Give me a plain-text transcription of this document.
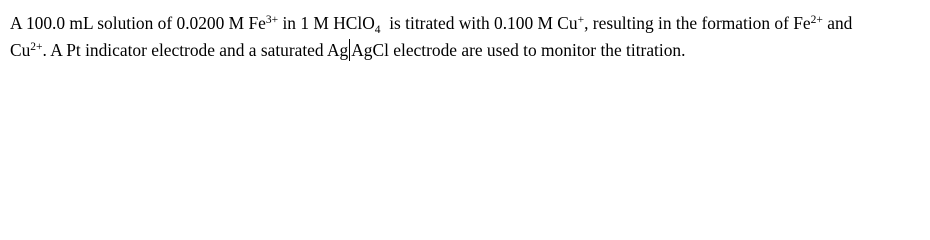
A 100.0 mL solution of 0.0200 M $Fe^{3+}$ in 1 M HClO$_4$  is titrated with 0.100 M Cu+, resulting in the formation of $Fe^{2+}$ and
$Cu^{2+}$. A Pt indicator electrode and a saturated Ag AgCl electrode are used to monitor the titration.
